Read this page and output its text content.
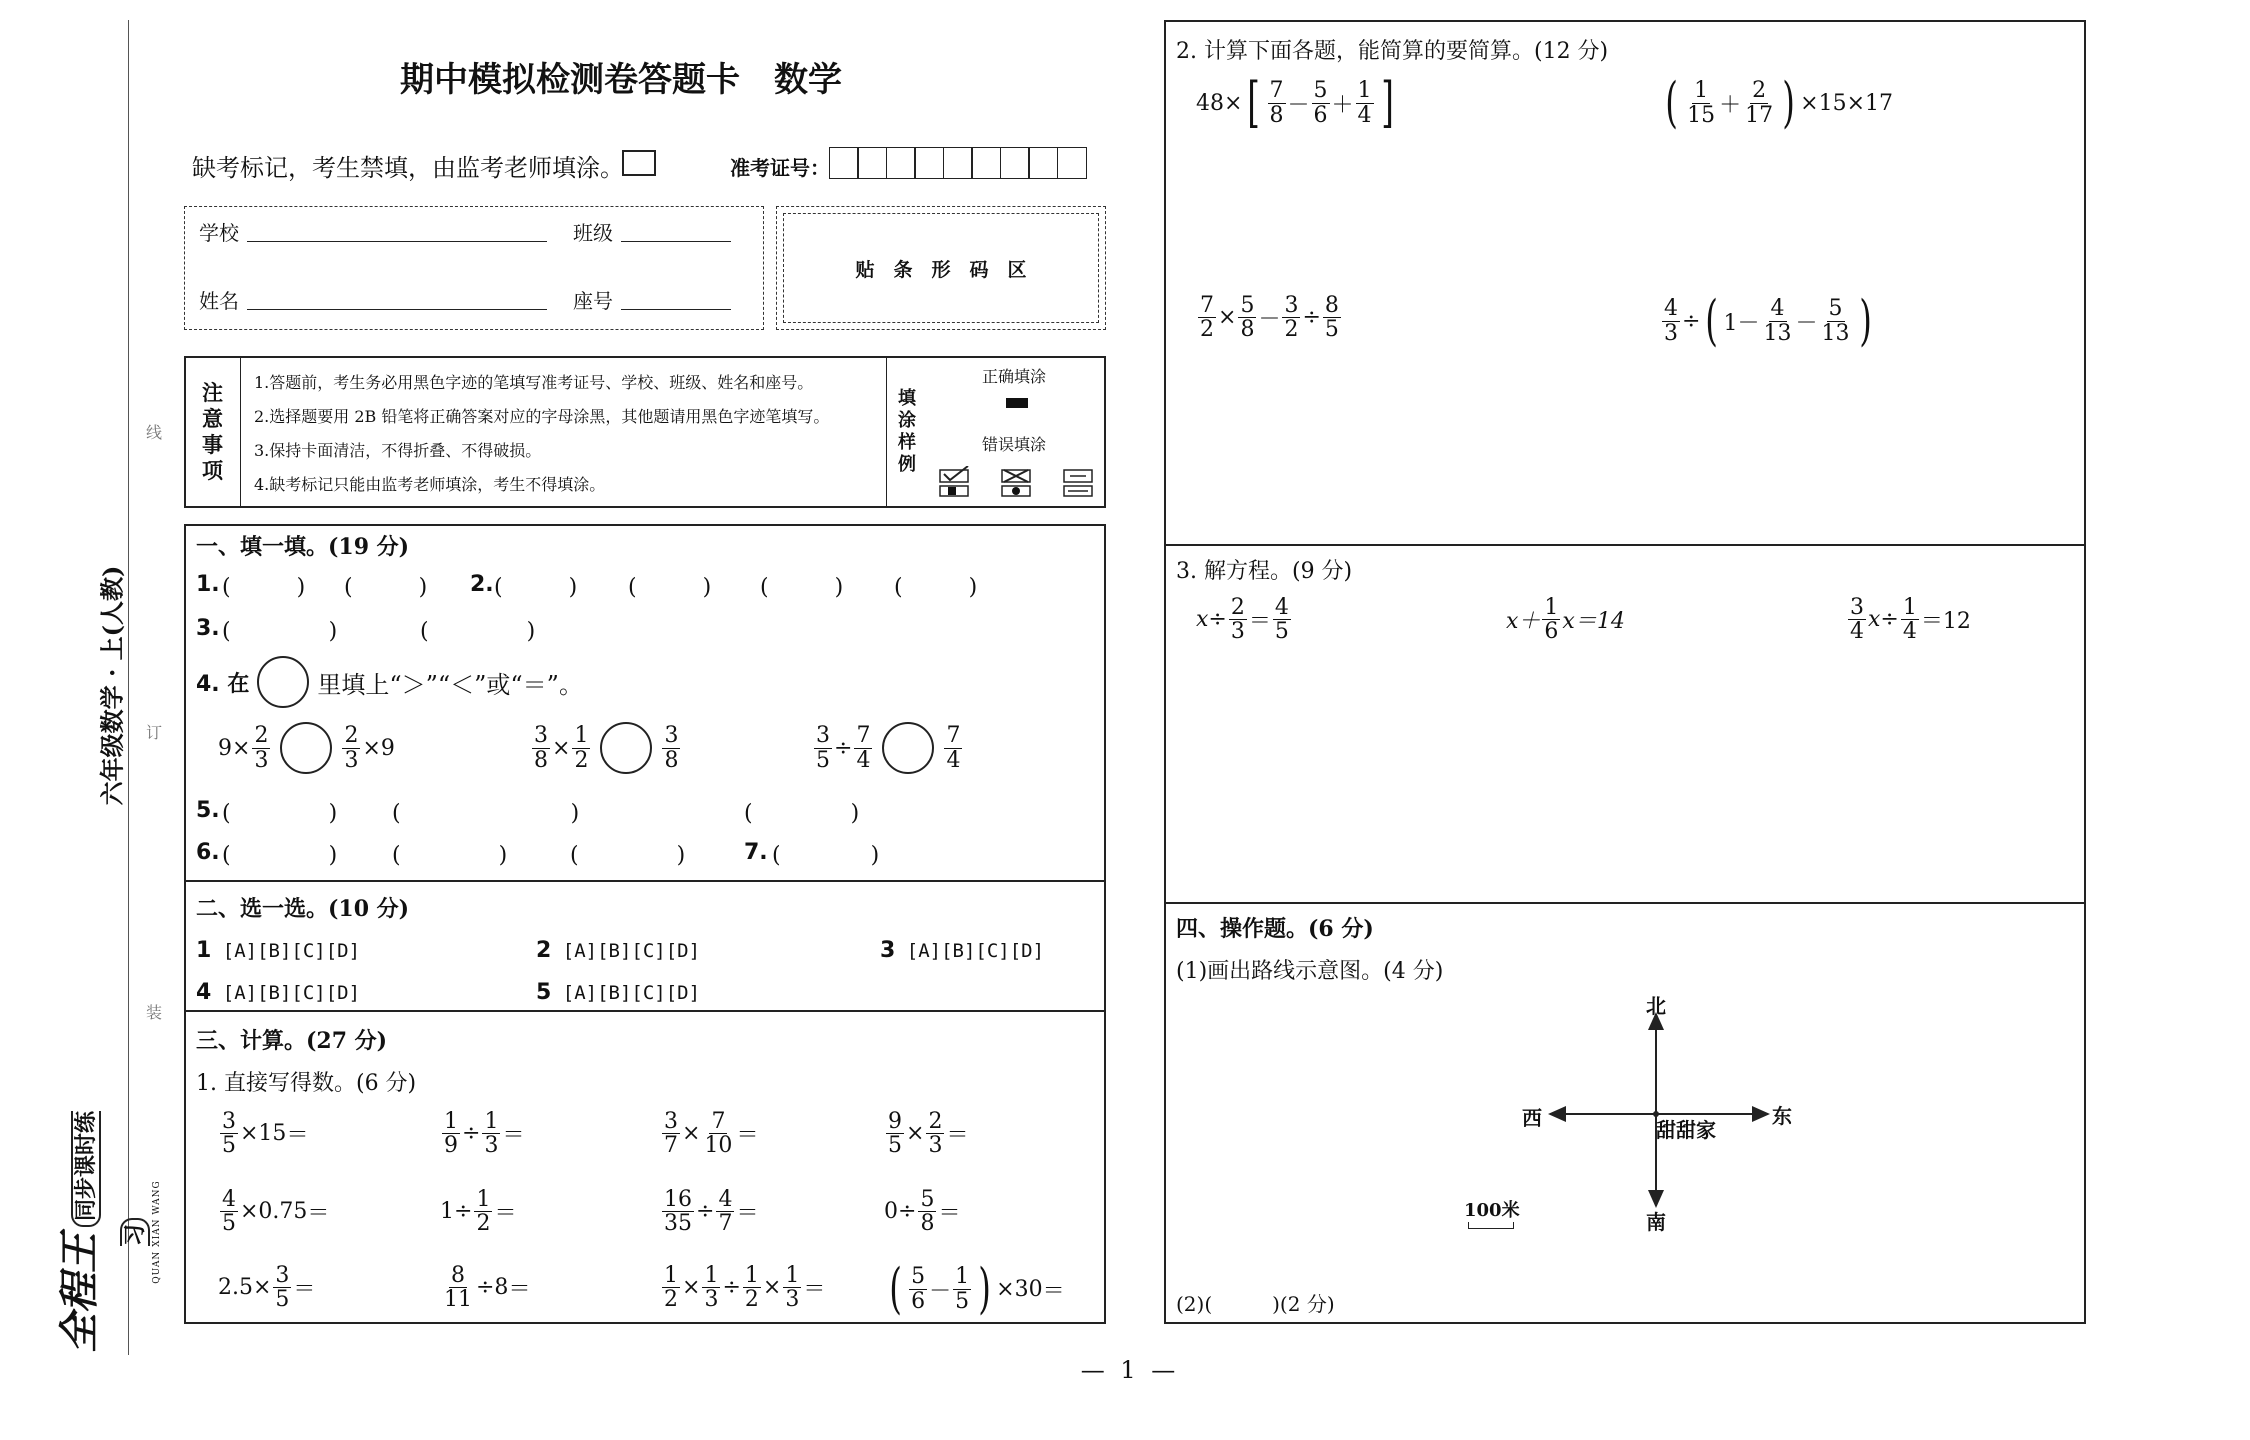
线
订
装
六年级数学 · 上(人教)
全程王同步课时练习 QUAN XIAN WANG
期中模拟检测卷答题卡　数学
缺考标记，考生禁填，由监考老师填涂。	准考证号：
学校	班级
姓名	座号
贴　条　形　码　区
注意事项
1.答题前，考生务必用黑色字迹的笔填写准考证号、学校、班级、姓名和座号。
2.选择题要用 2B 铅笔将正确答案对应的字母涂黑，其他题请用黑色字迹笔填写。
3.保持卡面清洁，不得折叠、不得破损。
4.缺考标记只能由监考老师填涂，考生不得填涂。
填涂样例
正确填涂
错误填涂
一、填一填。(19 分)
1. (　　　) (　　　) 2. (　　　) (　　　) (　　　) (　　　)
3. (　　　)	(　　　)
4. 在	里填上“＞”“＜”或“＝”。
$9\times \frac{2}{3}$	$\frac{2}{3} \times 9$	$\frac{3}{8} \times \frac{1}{2}$	$\frac{3}{8}$	$\frac{3}{5} \div \frac{7}{4}$	$\frac{7}{4}$
5. (　　　) (　　　)	(　　　)
6. (　　　) (　　　) (　　　) 7. (　　　)
二、选一选。(10 分)
1 [A][B][C][D]	2 [A][B][C][D]	3 [A][B][C][D]
4 [A][B][C][D]	5 [A][B][C][D]
三、计算。(27 分)
1. 直接写得数。(6 分)
$\frac{3}{5} \times 15$ ＝	$\frac{1}{9} \div \frac{1}{3}$ ＝	$\frac{3}{7} \times \frac{7}{10}$ ＝	$\frac{9}{5} \times \frac{2}{3}$ ＝
$\frac{4}{5} \times 0.75$ ＝	$1\div \frac{1}{2}$ ＝	$\frac{16}{35} \div \frac{4}{7}$ ＝	$0\div \frac{5}{8}$ ＝
$2.5\times \frac{3}{5}$ ＝	$\frac{8}{11} \div 8$ ＝	$\frac{1}{2} \times \frac{1}{3} \div \frac{1}{2} \times \frac{1}{3}$ ＝ ( $\frac{5}{6} - \frac{1}{5}$ ) ×30 ＝
2. 计算下面各题，能简算的要简算。(12 分)
48× [ $\frac{7}{8} - \frac{5}{6} + \frac{1}{4}$ ]	( $\frac{1}{15} + \frac{2}{17}$ ) ×15×17
$\frac{7}{2} \times \frac{5}{8} - \frac{3}{2} \div \frac{8}{5}$	$\frac{4}{3}$ ÷ ( $1- \frac{4}{13} - \frac{5}{13}$ )
3. 解方程。(9 分)
$x\div \frac{2}{3} = \frac{4}{5}$	$x+ \frac{1}{6} x=14$	$\frac{3}{4} x\div \frac{1}{4} =12$
四、操作题。(6 分)
(1)画出路线示意图。(4 分)
北
南
东
西	甜甜家
100米
(2)(　　　)(2 分)
— 1 —
